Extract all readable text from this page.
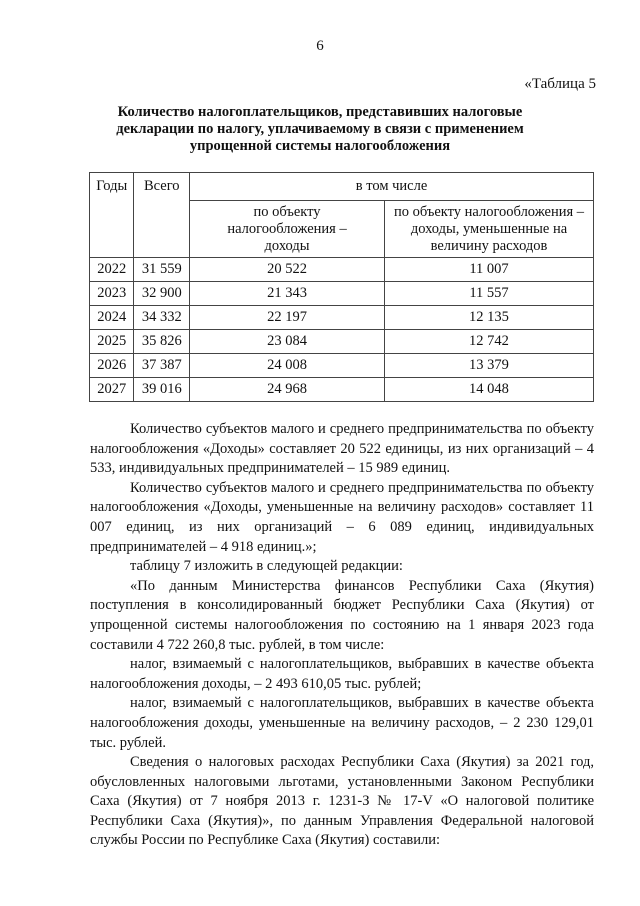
6
«Таблица 5
Количество налогоплательщиков, представивших налоговые декларации по налогу, уплачиваемому в связи с применением упрощенной системы налогообложения
Годы	Всего	в том числе	
		по объекту налогообложения – доходы	по объекту налогообложения – доходы, уменьшенные на величину расходов
2022	31 559	20 522	11 007
2023	32 900	21 343	11 557
2024	34 332	22 197	12 135
2025	35 826	23 084	12 742
2026	37 387	24 008	13 379
2027	39 016	24 968	14 048

Количество субъектов малого и среднего предпринимательства по объекту налогообложения «Доходы» составляет 20 522 единицы, из них организаций – 4 533, индивидуальных предпринимателей – 15 989 единиц.

Количество субъектов малого и среднего предпринимательства по объекту налогообложения «Доходы, уменьшенные на величину расходов» составляет 11 007 единиц, из них организаций – 6 089 единиц, индивидуальных предпринимателей – 4 918 единиц.»;

таблицу 7 изложить в следующей редакции:

«По данным Министерства финансов Республики Саха (Якутия) поступления в консолидированный бюджет Республики Саха (Якутия) от упрощенной системы налогообложения по состоянию на 1 января 2023 года составили 4 722 260,8 тыс. рублей, в том числе:

налог, взимаемый с налогоплательщиков, выбравших в качестве объекта налогообложения доходы, – 2 493 610,05 тыс. рублей;

налог, взимаемый с налогоплательщиков, выбравших в качестве объекта налогообложения доходы, уменьшенные на величину расходов, – 2 230 129,01 тыс. рублей.

Сведения о налоговых расходах Республики Саха (Якутия) за 2021 год, обусловленных налоговыми льготами, установленными Законом Республики Саха (Якутия) от 7 ноября 2013 г. 1231-З № 17-V «О налоговой политике Республики Саха (Якутия)», по данным Управления Федеральной налоговой службы России по Республике Саха (Якутия) составили:
